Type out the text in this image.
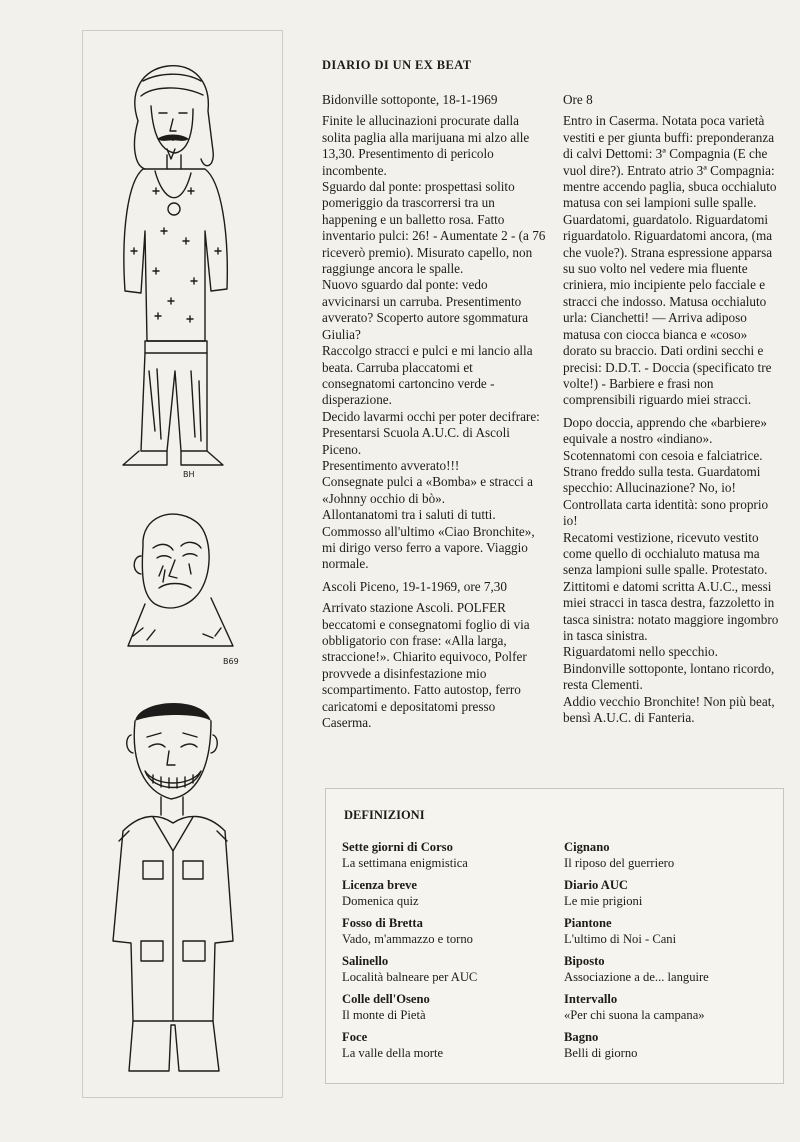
BH
B69
DIARIO DI UN EX BEAT

Bidonville sottoponte, 18-1-1969

Finite le allucinazioni procurate dalla solita paglia alla marijuana mi alzo alle 13,30. Presentimento di pericolo incombente.

Sguardo dal ponte: prospettasi solito pomeriggio da trascorrersi tra un happening e un balletto rosa. Fatto inventario pulci: 26! - Aumentate 2 - (a 76 riceverò premio). Misurato capello, non raggiunge ancora le spalle.

Nuovo sguardo dal ponte: vedo avvicinarsi un carruba. Presentimento avverato? Scoperto autore sgommatura Giulia?

Raccolgo stracci e pulci e mi lancio alla beata. Carruba placcatomi et consegnatomi cartoncino verde - disperazione.

Decido lavarmi occhi per poter decifrare: Presentarsi Scuola A.U.C. di Ascoli Piceno.

Presentimento avverato!!!

Consegnate pulci a «Bomba» e stracci a «Johnny occhio di bò».

Allontanatomi tra i saluti di tutti. Commosso all'ultimo «Ciao Bronchite», mi dirigo verso ferro a vapore. Viaggio normale.

Ascoli Piceno, 19-1-1969, ore 7,30

Arrivato stazione Ascoli. POLFER beccatomi e consegnatomi foglio di via obbligatorio con frase: «Alla larga, straccione!». Chiarito equivoco, Polfer provvede a disinfestazione mio scompartimento. Fatto autostop, ferro caricatomi e depositatomi presso Caserma.

Ore 8

Entro in Caserma. Notata poca varietà vestiti e per giunta buffi: preponderanza di calvi Dettomi: 3ª Compagnia (E che vuol dire?). Entrato atrio 3ª Compagnia: mentre accendo paglia, sbuca occhialuto matusa con sei lampioni sulle spalle. Guardatomi, guardatolo. Riguardatomi riguardatolo. Riguardatomi ancora, (ma che vuole?). Strana espressione apparsa su suo volto nel vedere mia fluente criniera, mio incipiente pelo facciale e stracci che indosso. Matusa occhialuto urla: Cianchetti! — Arriva adiposo matusa con ciocca bianca e «coso» dorato su braccio. Dati ordini secchi e precisi: D.D.T. - Doccia (specificato tre volte!) - Barbiere e frasi non comprensibili riguardo miei stracci.

Dopo doccia, apprendo che «barbiere» equivale a nostro «indiano». Scotennatomi con cesoia e falciatrice. Strano freddo sulla testa. Guardatomi specchio: Allucinazione? No, io! Controllata carta identità: sono proprio io!

Recatomi vestizione, ricevuto vestito come quello di occhialuto matusa ma senza lampioni sulle spalle. Protestato. Zittitomi e datomi scritta A.U.C., messi miei stracci in tasca destra, fazzoletto in tasca sinistra: notato maggiore ingombro in tasca sinistra.

Riguardatomi nello specchio.

Bindonville sottoponte, lontano ricordo, resta Clementi.

Addio vecchio Bronchite! Non più beat, bensì A.U.C. di Fanteria.

DEFINIZIONI
Sette giorni di Corso
La settimana enigmistica
Licenza breve
Domenica quiz
Fosso di Bretta
Vado, m'ammazzo e torno
Salinello
Località balneare per AUC
Colle dell'Oseno
Il monte di Pietà
Foce
La valle della morte
Cignano
Il riposo del guerriero
Diario AUC
Le mie prigioni
Piantone
L'ultimo di Noi - Cani
Biposto
Associazione a de... languire
Intervallo
«Per chi suona la campana»
Bagno
Belli di giorno
